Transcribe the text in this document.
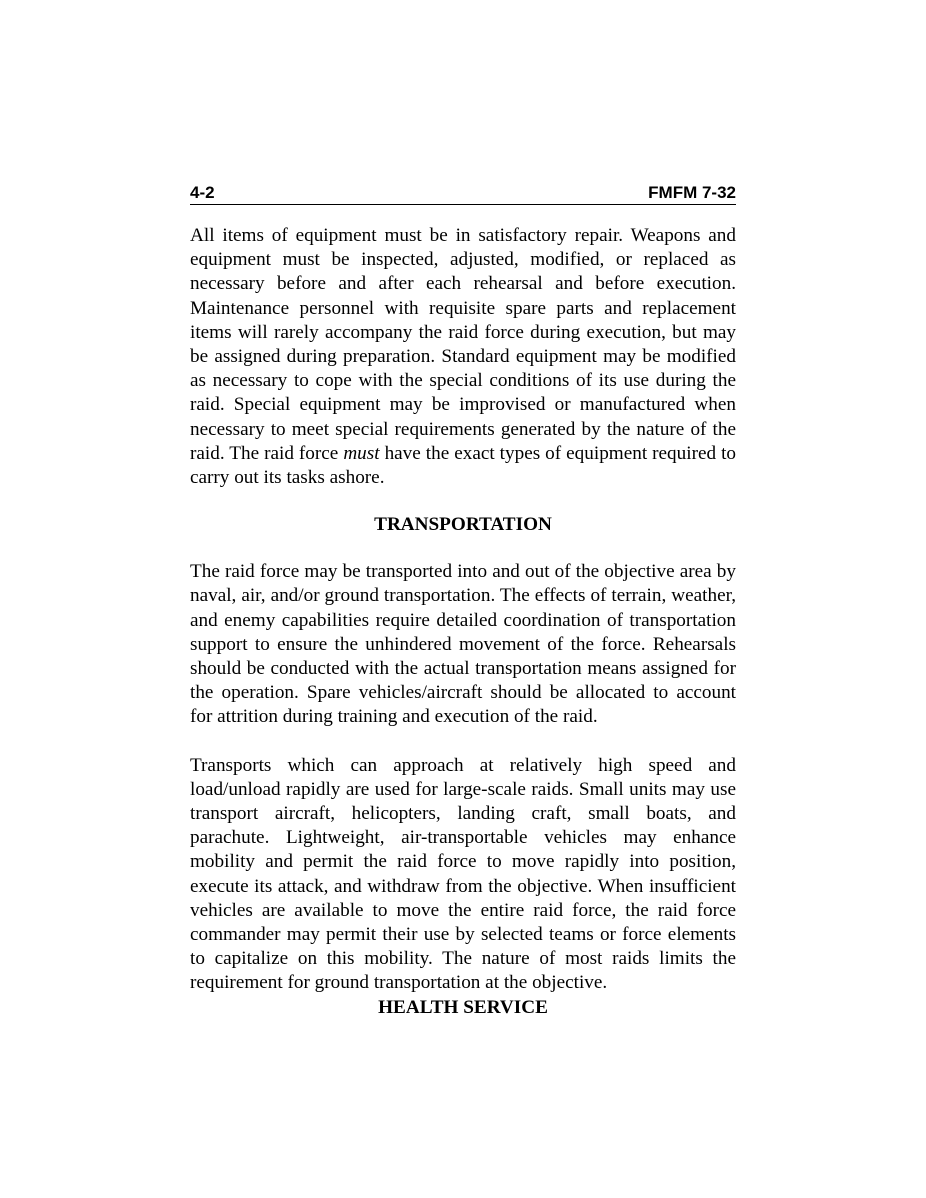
4-2	FMFM 7-32

All items of equipment must be in satisfactory repair. Weapons and equipment must be inspected, adjusted, modified, or replaced as necessary before and after each rehearsal and before execution. Maintenance personnel with requisite spare parts and replacement items will rarely accompany the raid force during execution, but may be assigned during preparation. Standard equipment may be modified as necessary to cope with the special conditions of its use during the raid. Special equipment may be improvised or manufactured when necessary to meet special requirements generated by the nature of the raid. The raid force must have the exact types of equipment required to carry out its tasks ashore.

TRANSPORTATION

The raid force may be transported into and out of the objective area by naval, air, and/or ground transportation. The effects of terrain, weather, and enemy capabilities require detailed coordination of transportation support to ensure the unhindered movement of the force. Rehearsals should be conducted with the actual transportation means assigned for the operation. Spare vehicles/aircraft should be allocated to account for attrition during training and execution of the raid.

Transports which can approach at relatively high speed and load/unload rapidly are used for large-scale raids. Small units may use transport aircraft, helicopters, landing craft, small boats, and parachute. Lightweight, air-transportable vehicles may enhance mobility and permit the raid force to move rapidly into position, execute its attack, and withdraw from the objective. When insufficient vehicles are available to move the entire raid force, the raid force commander may permit their use by selected teams or force elements to capitalize on this mobility. The nature of most raids limits the requirement for ground transportation at the objective.

HEALTH SERVICE
